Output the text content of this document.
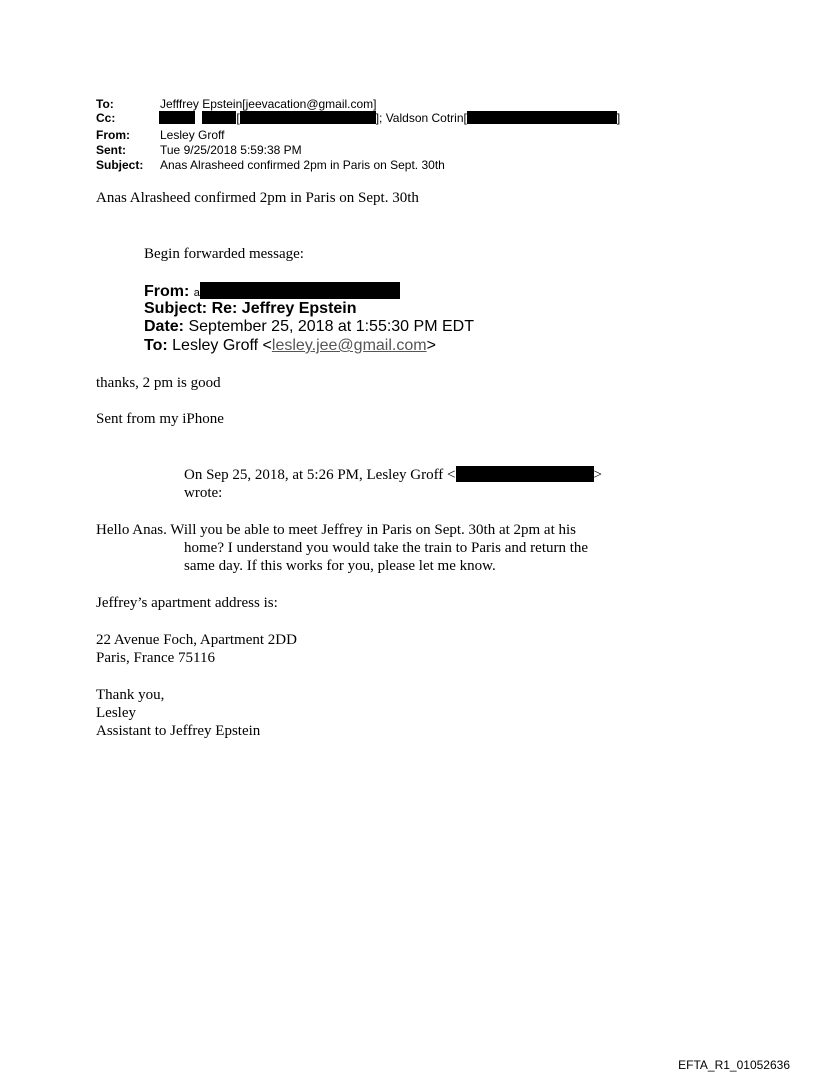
To:	Jefffrey Epstein[jeevacation@gmail.com]
Cc:	[	]; Valdson Cotrin[	]
From:	Lesley Groff
Sent:	Tue 9/25/2018 5:59:38 PM
Subject: Anas Alrasheed confirmed 2pm in Paris on Sept. 30th
Anas Alrasheed confirmed 2pm in Paris on Sept. 30th
Begin forwarded message:
From: a
Subject: Re: Jeffrey Epstein
Date: September 25, 2018 at 1:55:30 PM EDT
To: Lesley Groff <lesley.jee@gmail.com>
thanks, 2 pm is good
Sent from my iPhone
On Sep 25, 2018, at 5:26 PM, Lesley Groff <	>
wrote:
Hello Anas. Will you be able to meet Jeffrey in Paris on Sept. 30th at 2pm at his
home? I understand you would take the train to Paris and return the
same day. If this works for you, please let me know.
Jeffrey’s apartment address is:
22 Avenue Foch, Apartment 2DD
Paris, France 75116
Thank you,
Lesley
Assistant to Jeffrey Epstein
EFTA_R1_01052636
